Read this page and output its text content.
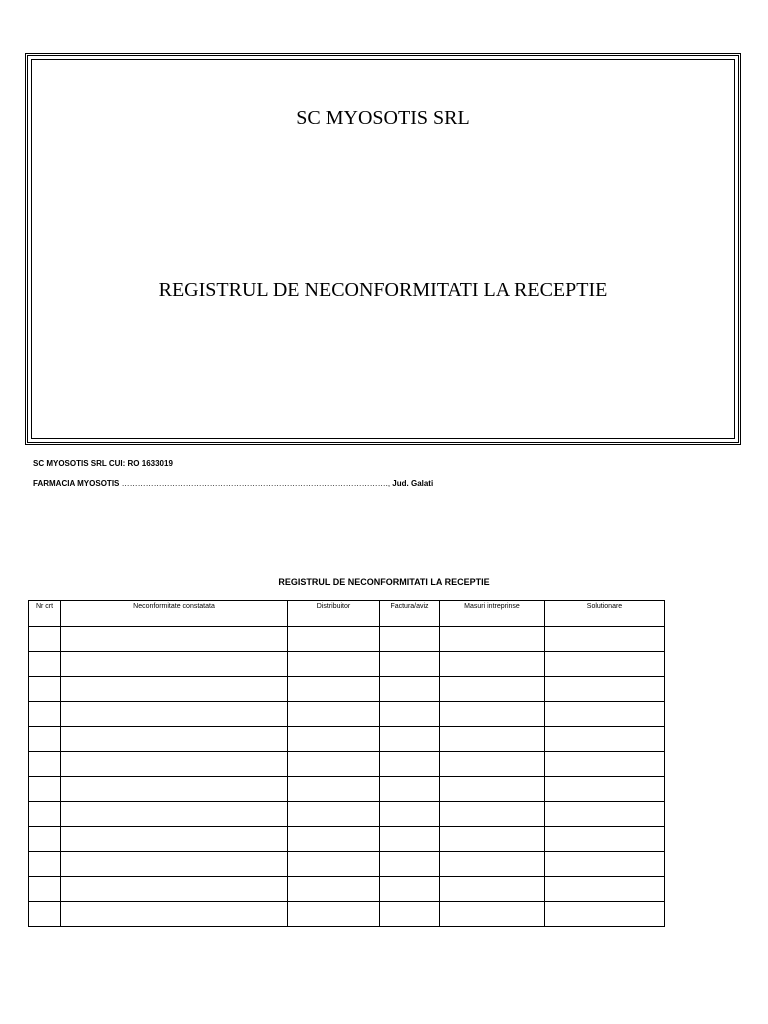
SC MYOSOTIS SRL
REGISTRUL DE NECONFORMITATI LA RECEPTIE
SC MYOSOTIS SRL CUI: RO 1633019
FARMACIA MYOSOTIS ………………………………………………………………………………………., Jud. Galati
REGISTRUL DE NECONFORMITATI LA RECEPTIE
Nr crt	Neconformitate constatata	Distribuitor	Factura/aviz	Masuri intreprinse	Solutionare
